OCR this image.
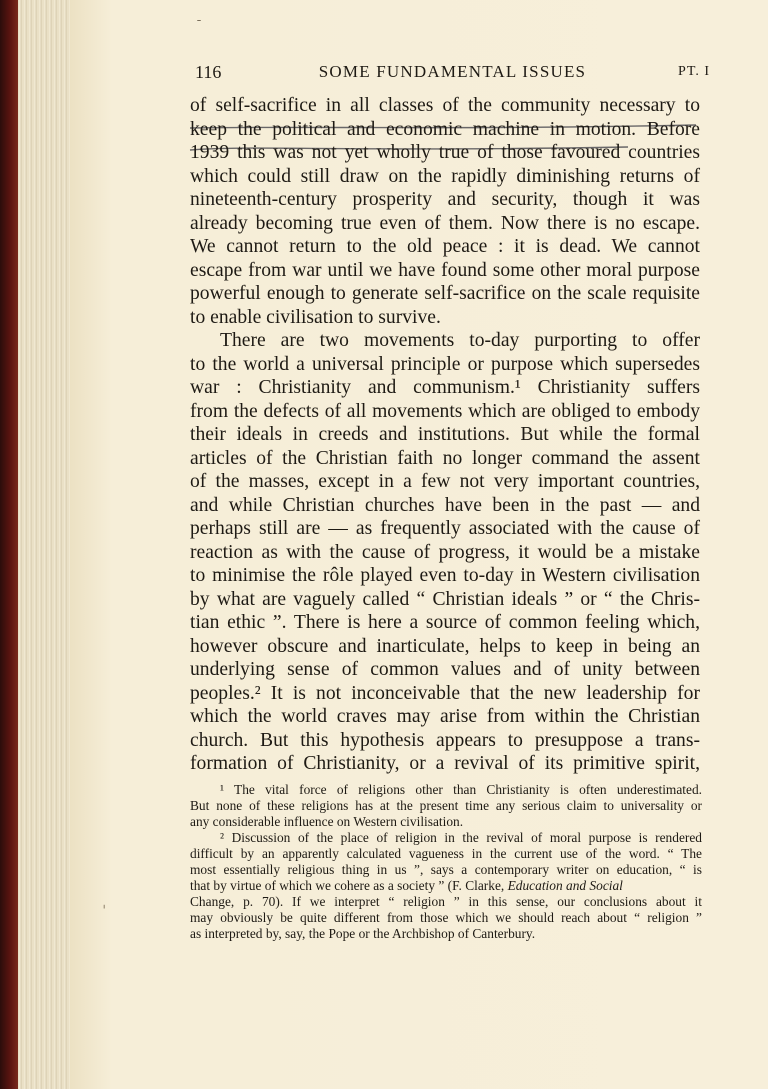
ˉ
116	SOME FUNDAMENTAL ISSUES	PT. I
of self-sacrifice in all classes of the community necessary to
keep the political and economic machine in motion. Before
1939 this was not yet wholly true of those favoured countries
which could still draw on the rapidly diminishing returns of
nineteenth-century prosperity and security, though it was
already becoming true even of them. Now there is no escape.
We cannot return to the old peace : it is dead. We cannot
escape from war until we have found some other moral purpose
powerful enough to generate self-sacrifice on the scale requisite
to enable civilisation to survive.
There are two movements to-day purporting to offer
to the world a universal principle or purpose which supersedes
war : Christianity and communism.¹ Christianity suffers
from the defects of all movements which are obliged to embody
their ideals in creeds and institutions. But while the formal
articles of the Christian faith no longer command the assent
of the masses, except in a few not very important countries,
and while Christian churches have been in the past — and
perhaps still are — as frequently associated with the cause of
reaction as with the cause of progress, it would be a mistake
to minimise the rôle played even to-day in Western civilisation
by what are vaguely called “ Christian ideals ” or “ the Chris-
tian ethic ”. There is here a source of common feeling which,
however obscure and inarticulate, helps to keep in being an
underlying sense of common values and of unity between
peoples.² It is not inconceivable that the new leadership for
which the world craves may arise from within the Christian
church. But this hypothesis appears to presuppose a trans-
formation of Christianity, or a revival of its primitive spirit,
¹ The vital force of religions other than Christianity is often underestimated.
But none of these religions has at the present time any serious claim to universality or
any considerable influence on Western civilisation.
² Discussion of the place of religion in the revival of moral purpose is rendered
difficult by an apparently calculated vagueness in the current use of the word. “ The
most essentially religious thing in us ”, says a contemporary writer on education, “ is
that by virtue of which we cohere as a society ” (F. Clarke, Education and Social
Change, p. 70). If we interpret “ religion ” in this sense, our conclusions about it
may obviously be quite different from those which we should reach about “ religion ”
as interpreted by, say, the Pope or the Archbishop of Canterbury.
ˈ
